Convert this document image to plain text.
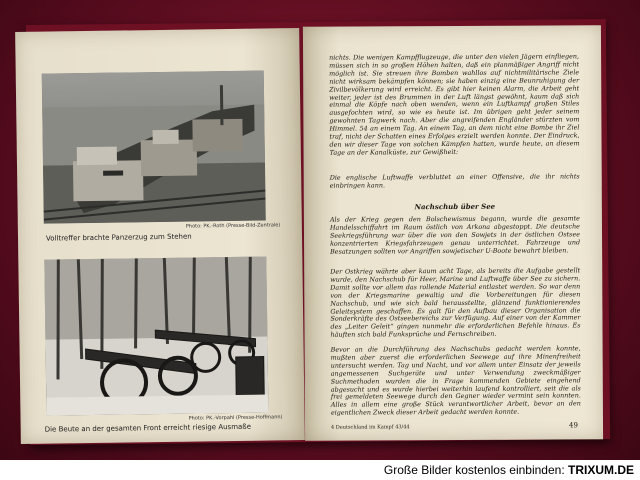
Photo: PK.-Roth (Presse-Bild-Zentrale)
Volltreffer brachte Panzerzug zum Stehen
Photo: PK.-Vorpahl (Presse-Hoffmann)
Die Beute an der gesamten Front erreicht riesige Ausmaße
nichts. Die wenigen Kampfflugzeuge, die unter den vielen Jägern einfliegen, müssen sich in so großen Höhen halten, daß ein planmäßiger Angriff nicht möglich ist. Sie streuen ihre Bomben wahllos auf nichtmilitärische Ziele nicht wirksam bekämpfen können; sie haben einzig eine Beunruhigung der Zivilbevölkerung wird erreicht. Es gibt hier keinen Alarm, die Arbeit geht weiter, jeder ist des Brummen in der Luft längst gewöhnt, kaum daß sich einmal die Köpfe nach oben wenden, wenn ein Luftkampf großen Stiles ausgefochten wird, so wie es heute ist. Im übrigen geht jeder seinem gewohnten Tagwerk nach. Aber die angreifenden Engländer stürzten vom Himmel. 54 an einem Tag. An einem Tag, an dem nicht eine Bombe ihr Ziel traf, nicht der Schatten eines Erfolges erzielt werden konnte. Der Eindruck, den wir dieser Tage von solchen Kämpfen hatten, wurde heute, an diesem Tage an der Kanalküste, zur Gewißheit:
Die englische Luftwaffe verbluttet an einer Offensive, die ihr nichts einbringen kann.
Nachschub über See
Als der Krieg gegen den Bolschewismus begann, wurde die gesamte Handelsschiffahrt im Raum östlich von Arkona abgestoppt. Die deutsche Seekriegsführung war über die von den Sowjets in der östlichen Ostsee konzentrierten Kriegsfahrzeugen genau unterrichtet. Fahrzeuge und Besatzungen sollten vor Angriffen sowjetischer U-Boote bewahrt bleiben.
Der Ostkrieg währte aber kaum acht Tage, als bereits die Aufgabe gestellt wurde, den Nachschub für Heer, Marine und Luftwaffe über See zu sichern. Damit sollte vor allem das rollende Material entlastet werden. So war denn von der Kriegsmarine gewaltig und die Vorbereitungen für diesen Nachschub, und wie sich bald herausstellte, glänzend funktionierendes Geleitsystem geschaffen. Es galt für den Aufbau dieser Organisation die Sonderkräfte des Ostseebereichs zur Verfügung. Auf einer von der Kammer des „Leiter Geleit“ gingen nunmehr die erforderlichen Befehle hinaus. Es häuften sich bald Funksprüche und Fernschreiben.
Bevor an die Durchführung des Nachschubs gedacht werden konnte, mußten aber zuerst die erforderlichen Seewege auf ihre Minenfreiheit untersucht werden. Tag und Nacht, und vor allem unter Einsatz der jeweils angemessenen Suchgeräte und unter Verwendung zweckmäßiger Suchmethoden wurden die in Frage kommenden Gebiete eingehend abgesucht und es wurde hierbei weiterhin laufend kontrolliert, seit die als frei gemeldeten Seewege durch den Gegner wieder vermint sein konnten. Alles in allem eine große Stück verantwortlicher Arbeit, bevor an den eigentlichen Zweck dieser Arbeit gedacht werden konnte.
4 Deutschland im Kampf 43/44	49
Große Bilder kostenlos einbinden: TRIXUM.DE
